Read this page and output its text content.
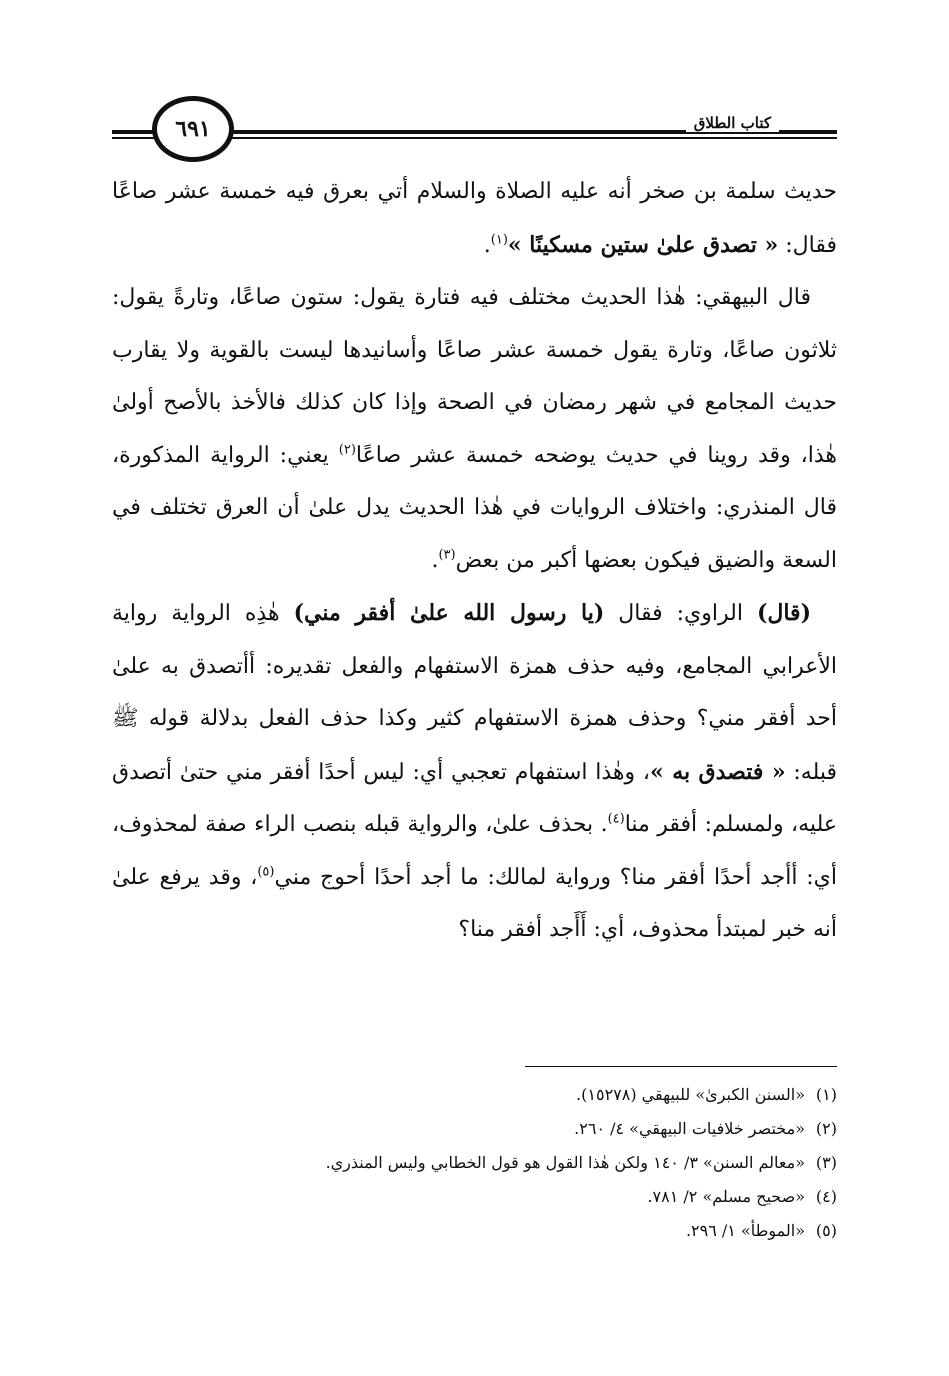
كتاب الطلاق
٦٩١

حديث سلمة بن صخر أنه عليه الصلاة والسلام أتي بعرق فيه خمسة عشر صاعًا فقال: « تصدق علىٰ ستين مسكينًا »$^{(١)}$.

قال البيهقي: هٰذا الحديث مختلف فيه فتارة يقول: ستون صاعًا، وتارةً يقول: ثلاثون صاعًا، وتارة يقول خمسة عشر صاعًا وأسانيدها ليست بالقوية ولا يقارب حديث المجامع في شهر رمضان في الصحة وإذا كان كذلك فالأخذ بالأصح أولىٰ هٰذا، وقد روينا في حديث يوضحه خمسة عشر صاعًا$^{(٢)}$ يعني: الرواية المذكورة، قال المنذري: واختلاف الروايات في هٰذا الحديث يدل علىٰ أن العرق تختلف في السعة والضيق فيكون بعضها أكبر من بعض$^{(٣)}$.

(قال) الراوي: فقال (يا رسول الله علىٰ أفقر مني) هٰذِه الرواية رواية الأعرابي المجامع، وفيه حذف همزة الاستفهام والفعل تقديره: أأتصدق به علىٰ أحد أفقر مني؟ وحذف همزة الاستفهام كثير وكذا حذف الفعل بدلالة قوله ﷺ قبله: « فتصدق به »، وهٰذا استفهام تعجبي أي: ليس أحدًا أفقر مني حتىٰ أتصدق عليه، ولمسلم: أفقر منا$^{(٤)}$. بحذف علىٰ، والرواية قبله بنصب الراء صفة لمحذوف، أي: أأجد أحدًا أفقر منا؟ ورواية لمالك: ما أجد أحدًا أحوج مني$^{(٥)}$، وقد يرفع علىٰ أنه خبر لمبتدأ محذوف، أي: أَأَجد أفقر منا؟

(١)«السنن الكبرىٰ» للبيهقي (١٥٢٧٨).
(٢)«مختصر خلافيات البيهقي» ٤/ ٢٦٠.
(٣)«معالم السنن» ٣/ ١٤٠ ولكن هٰذا القول هو قول الخطابي وليس المنذري.
(٤)«صحيح مسلم» ٢/ ٧٨١.
(٥)«الموطأ» ١/ ٢٩٦.
